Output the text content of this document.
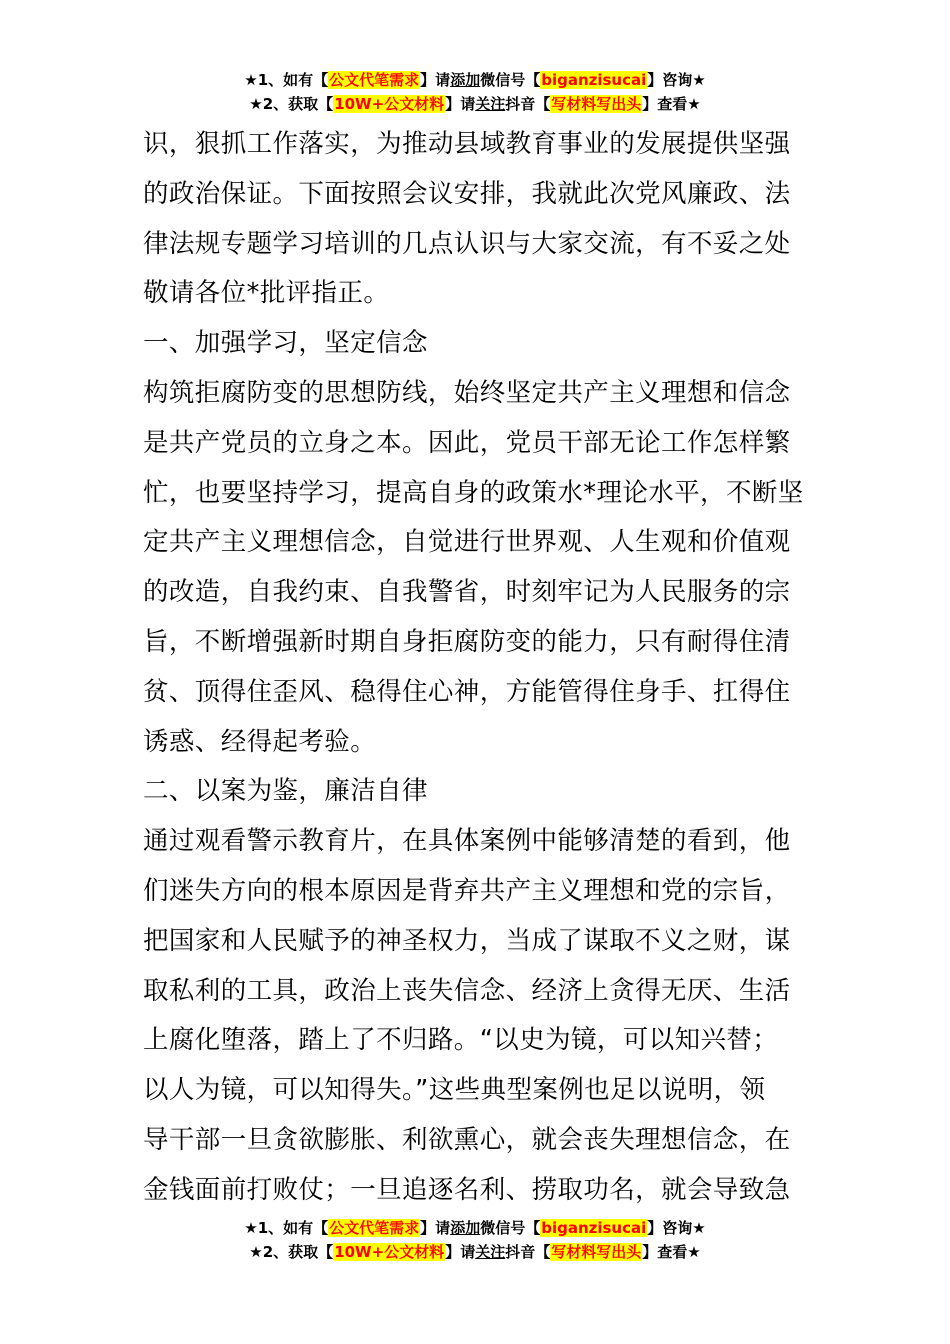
★1、如有【公文代笔需求】请添加微信号【biganzisucai】咨询★
★2、获取【10W+公文材料】请关注抖音【写材料写出头】查看★
识，狠抓工作落实，为推动县域教育事业的发展提供坚强
的政治保证。下面按照会议安排，我就此次党风廉政、法
律法规专题学习培训的几点认识与大家交流，有不妥之处
敬请各位*批评指正。
一、加强学习，坚定信念
构筑拒腐防变的思想防线，始终坚定共产主义理想和信念
是共产党员的立身之本。因此，党员干部无论工作怎样繁
忙，也要坚持学习，提高自身的政策水*理论水平，不断坚
定共产主义理想信念，自觉进行世界观、人生观和价值观
的改造，自我约束、自我警省，时刻牢记为人民服务的宗
旨，不断增强新时期自身拒腐防变的能力，只有耐得住清
贫、顶得住歪风、稳得住心神，方能管得住身手、扛得住
诱惑、经得起考验。
二、以案为鉴，廉洁自律
通过观看警示教育片，在具体案例中能够清楚的看到，他
们迷失方向的根本原因是背弃共产主义理想和党的宗旨，
把国家和人民赋予的神圣权力，当成了谋取不义之财，谋
取私利的工具，政治上丧失信念、经济上贪得无厌、生活
上腐化堕落，踏上了不归路。“以史为镜，可以知兴替；
以人为镜，可以知得失。”这些典型案例也足以说明，领
导干部一旦贪欲膨胀、利欲熏心，就会丧失理想信念，在
金钱面前打败仗；一旦追逐名利、捞取功名，就会导致急
★1、如有【公文代笔需求】请添加微信号【biganzisucai】咨询★
★2、获取【10W+公文材料】请关注抖音【写材料写出头】查看★
